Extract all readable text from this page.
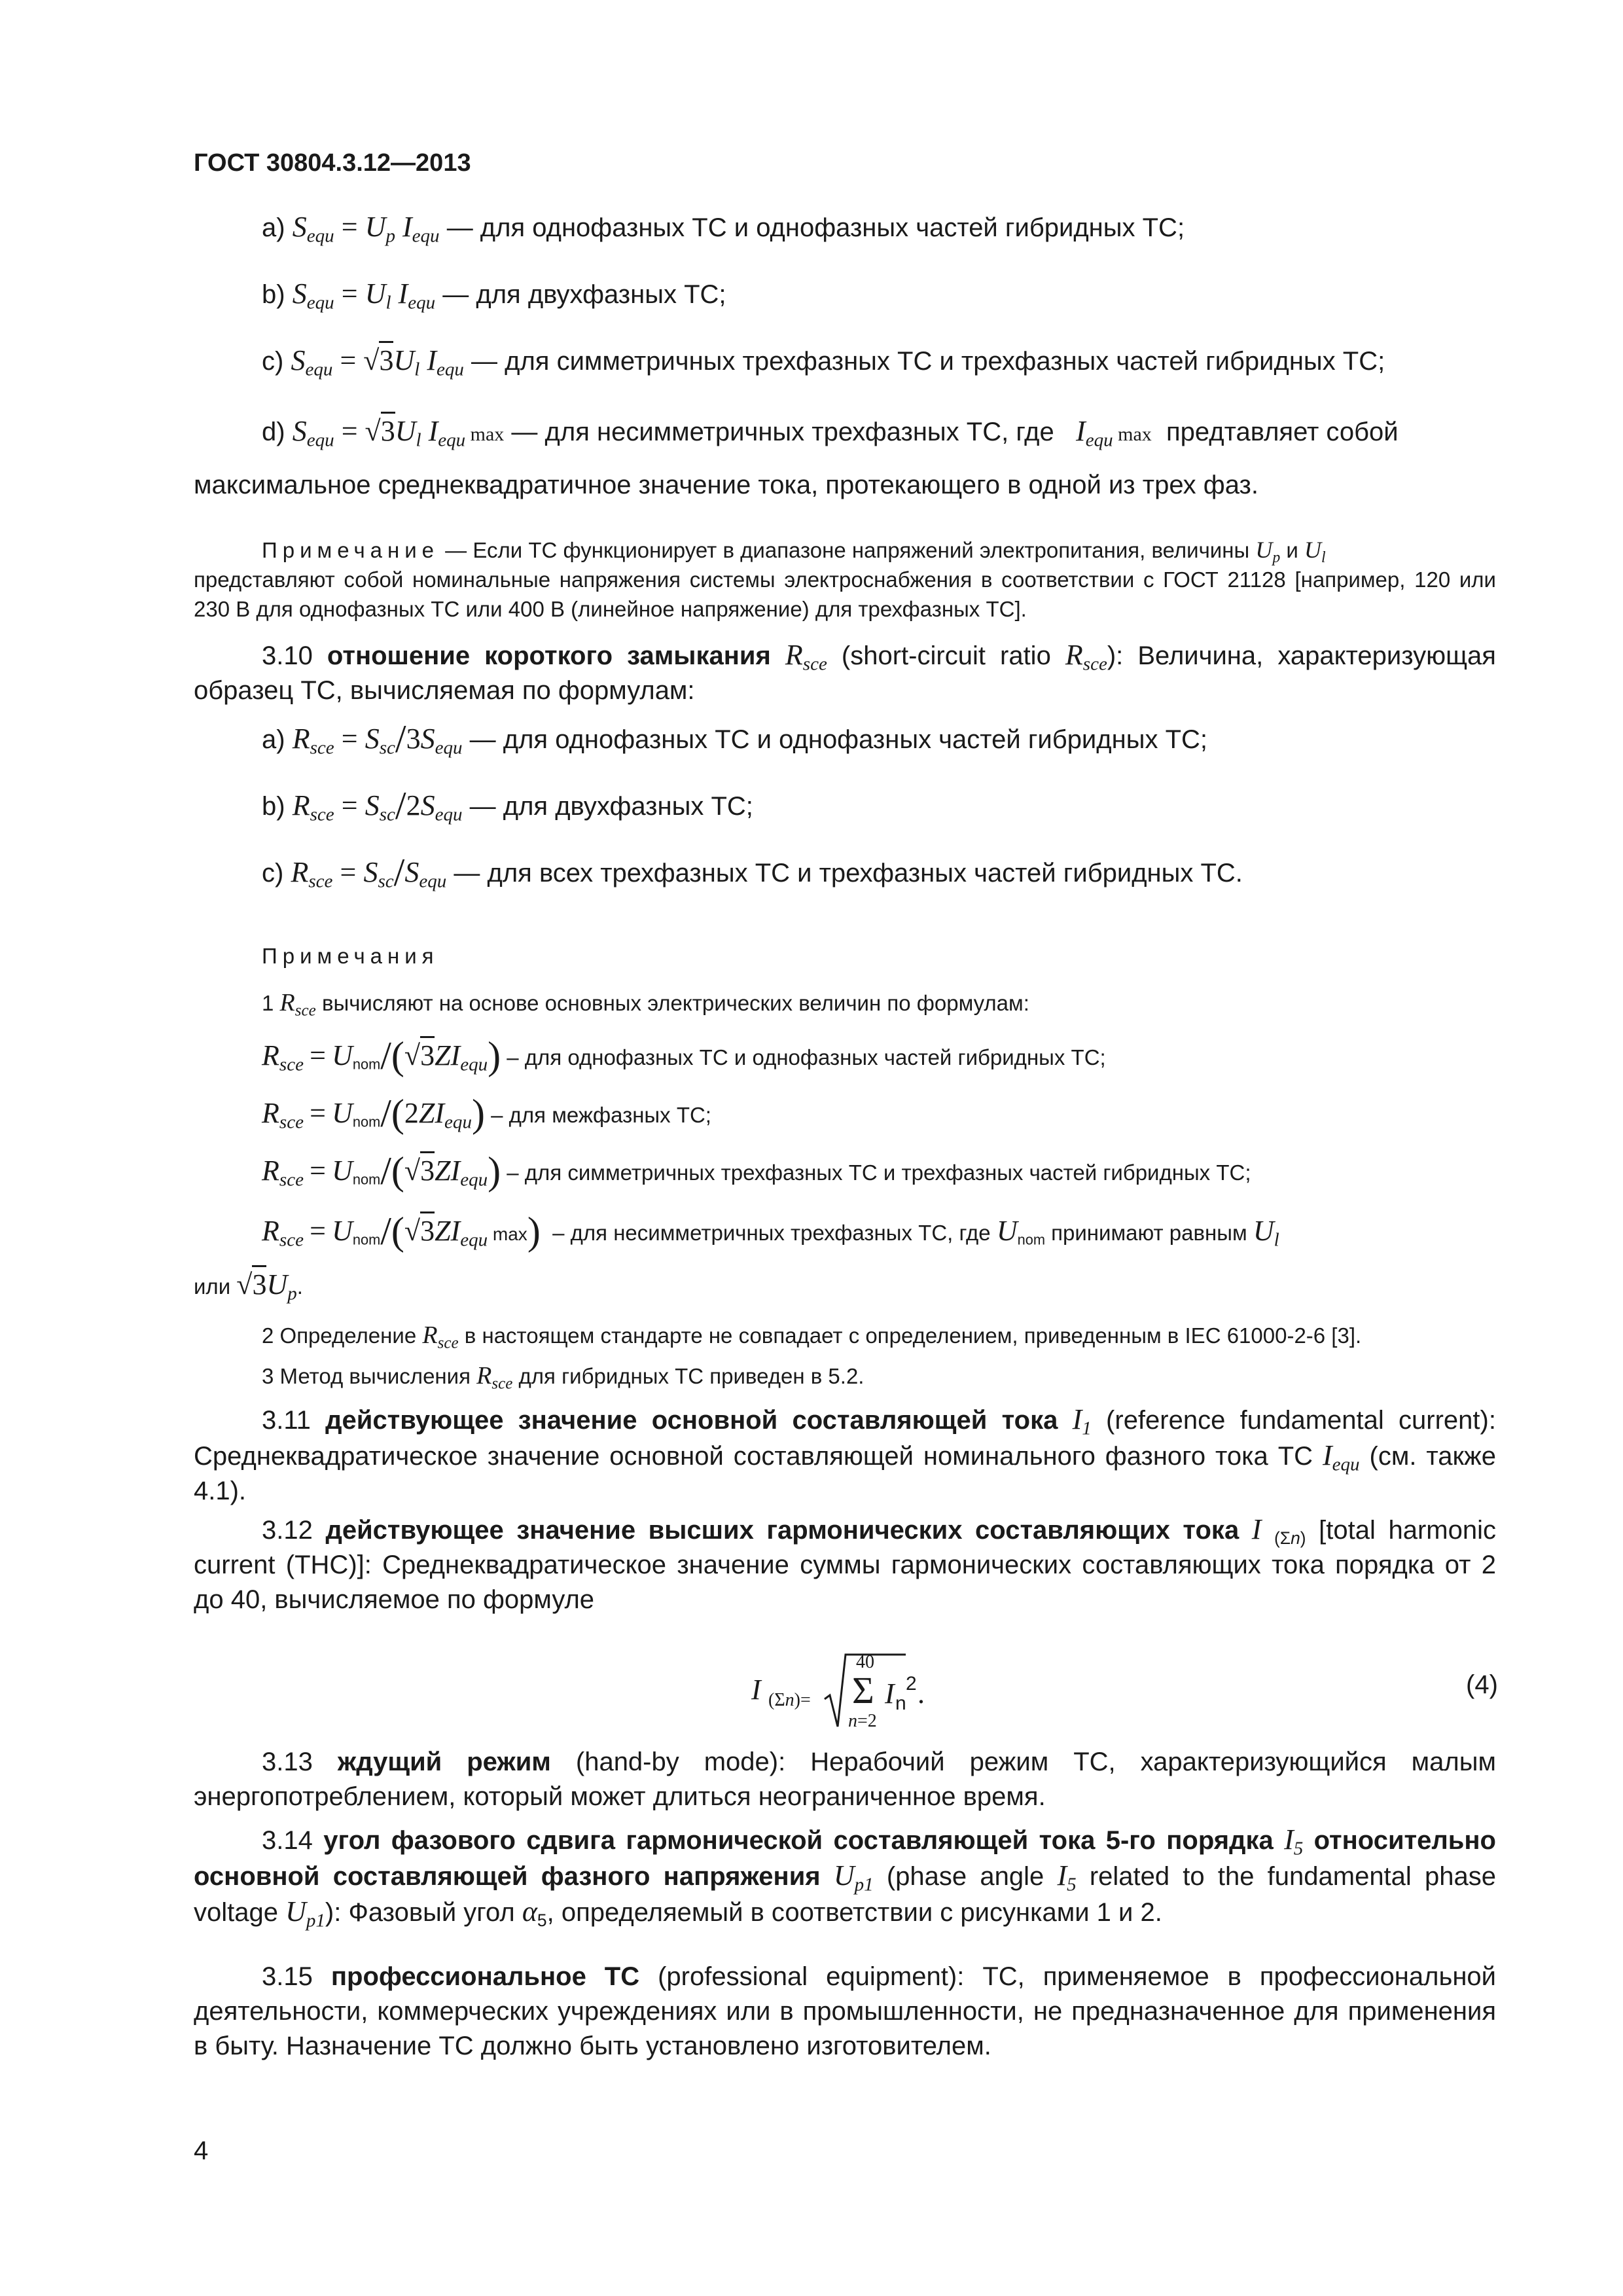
ГОСТ 30804.3.12—2013
a) $S_{equ} = U_p$ $I_{equ}$ — для однофазных ТС и однофазных частей гибридных ТС;
b) $S_{equ} = U_l$ $I_{equ}$ — для двухфазных ТС;
c) $S_{equ} = √3U_l$ $I_{equ}$ — для симметричных трехфазных ТС и трехфазных частей гибридных ТС;
d) $S_{equ} = √3U_l$ $I_{equ}$ max — для несимметричных трехфазных ТС, где $I_{equ}$ max предтавляет собой
максимальное среднеквадратичное значение тока, протекающего в одной из трех фаз.
Примечание — Если ТС функционирует в диапазоне напряжений электропитания, величины $U_p$ и $U_l$
представляют собой номинальные напряжения системы электроснабжения в соответствии с ГОСТ 21128 [например, 120 или 230 В для однофазных ТС или 400 В (линейное напряжение) для трехфазных ТС].
3.10 отношение короткого замыкания $R_{sce}$ (short-circuit ratio $R_{sce}$): Величина, характеризующая образец ТС, вычисляемая по формулам:
a) $R_{sce} = S_{sc}/3S_{equ}$ — для однофазных ТС и однофазных частей гибридных ТС;
b) $R_{sce} = S_{sc}/2S_{equ}$ — для двухфазных ТС;
c) $R_{sce} = S_{sc}/S_{equ}$ — для всех трехфазных ТС и трехфазных частей гибридных ТС.
Примечания
1 $R_{sce}$ вычисляют на основе основных электрических величин по формулам:
$R_{sce} = U_{nom}/(√3ZI_{equ})$ – для однофазных ТС и однофазных частей гибридных ТС;
$R_{sce} = U_{nom}/(2ZI_{equ})$ – для межфазных ТС;
$R_{sce} = U_{nom}/(√3ZI_{equ})$ – для симметричных трехфазных ТС и трехфазных частей гибридных ТС;
$R_{sce} = U_{nom}/(√3ZI_{equ}$ max) – для несимметричных трехфазных ТС, где $U_{nom}$ принимают равным $U_l$
или $√3U_p$.
2 Определение $R_{sce}$ в настоящем стандарте не совпадает с определением, приведенным в IEC 61000-2-6 [3].
3 Метод вычисления $R_{sce}$ для гибридных ТС приведен в 5.2.
3.11 действующее значение основной составляющей тока $I_1$ (reference fundamental current): Среднеквадратическое значение основной составляющей номинального фазного тока ТС $I_{equ}$ (см. также 4.1).
3.12 действующее значение высших гармонических составляющих тока I $_{(\Sigma n)}$ [total harmonic current (THC)]: Среднеквадратическое значение суммы гармонических составляющих тока порядка от 2 до 40, вычисляемое по формуле
I (Σn)=
40
Σ
n=2
I n
2 .	(4)
3.13 ждущий режим (hand-by mode): Нерабочий режим ТС, характеризующийся малым энергопотреблением, который может длиться неограниченное время.
3.14 угол фазового сдвига гармонической составляющей тока 5-го порядка $I_5$ относительно основной составляющей фазного напряжения $U_{p1}$ (phase angle $I_5$ related to the fundamental phase voltage $U_{p1}$): Фазовый угол $\alpha_5$, определяемый в соответствии с рисунками 1 и 2.
3.15 профессиональное ТС (professional equipment): ТС, применяемое в профессиональной деятельности, коммерческих учреждениях или в промышленности, не предназначенное для применения в быту. Назначение ТС должно быть установлено изготовителем.
4
